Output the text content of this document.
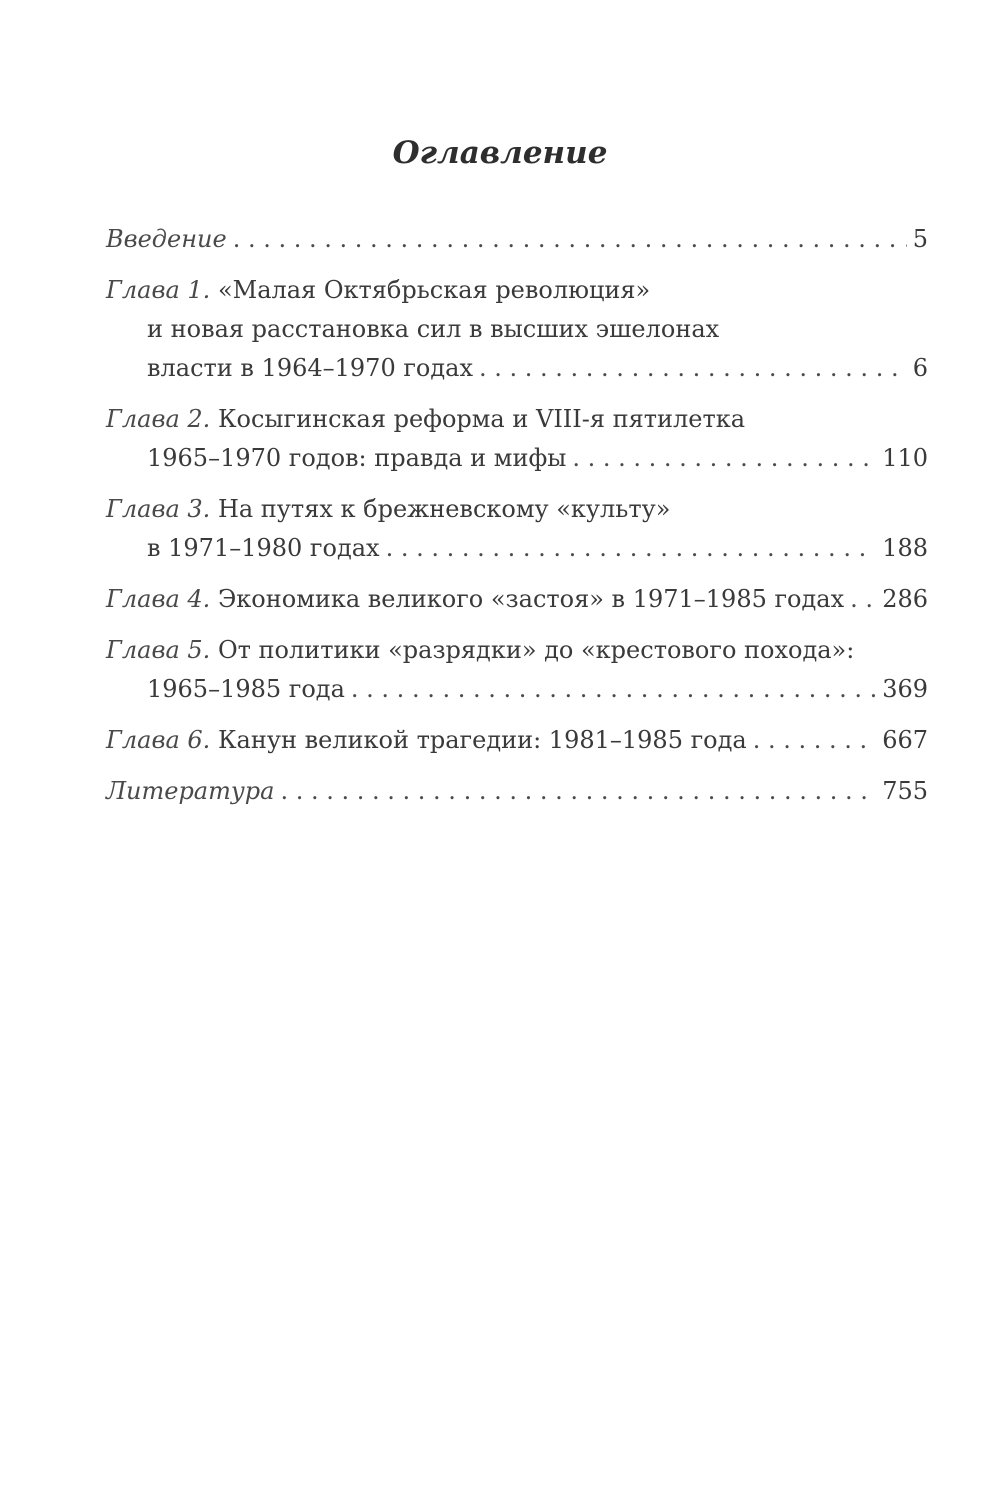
Оглавление
Введение . . .	5
Глава 1.
«Малая Октябрьская революция»
и новая расстановка сил в высших эшелонах
власти в 1964–1970 годах . . .	6
Глава 2.
Косыгинская реформа и VIII-я пятилетка
1965–1970 годов: правда и мифы . . .	110
Глава 3.
На путях к брежневскому «культу»
в 1971–1980 годах . . .	188
Глава 4.
Экономика великого «застоя» в 1971–1985 годах . . . 286
Глава 5.
От политики «разрядки» до «крестового похода»:
1965–1985 года . . .	369
Глава 6.
Канун великой трагедии: 1981–1985 года . . .	667
Литература . . .	755
